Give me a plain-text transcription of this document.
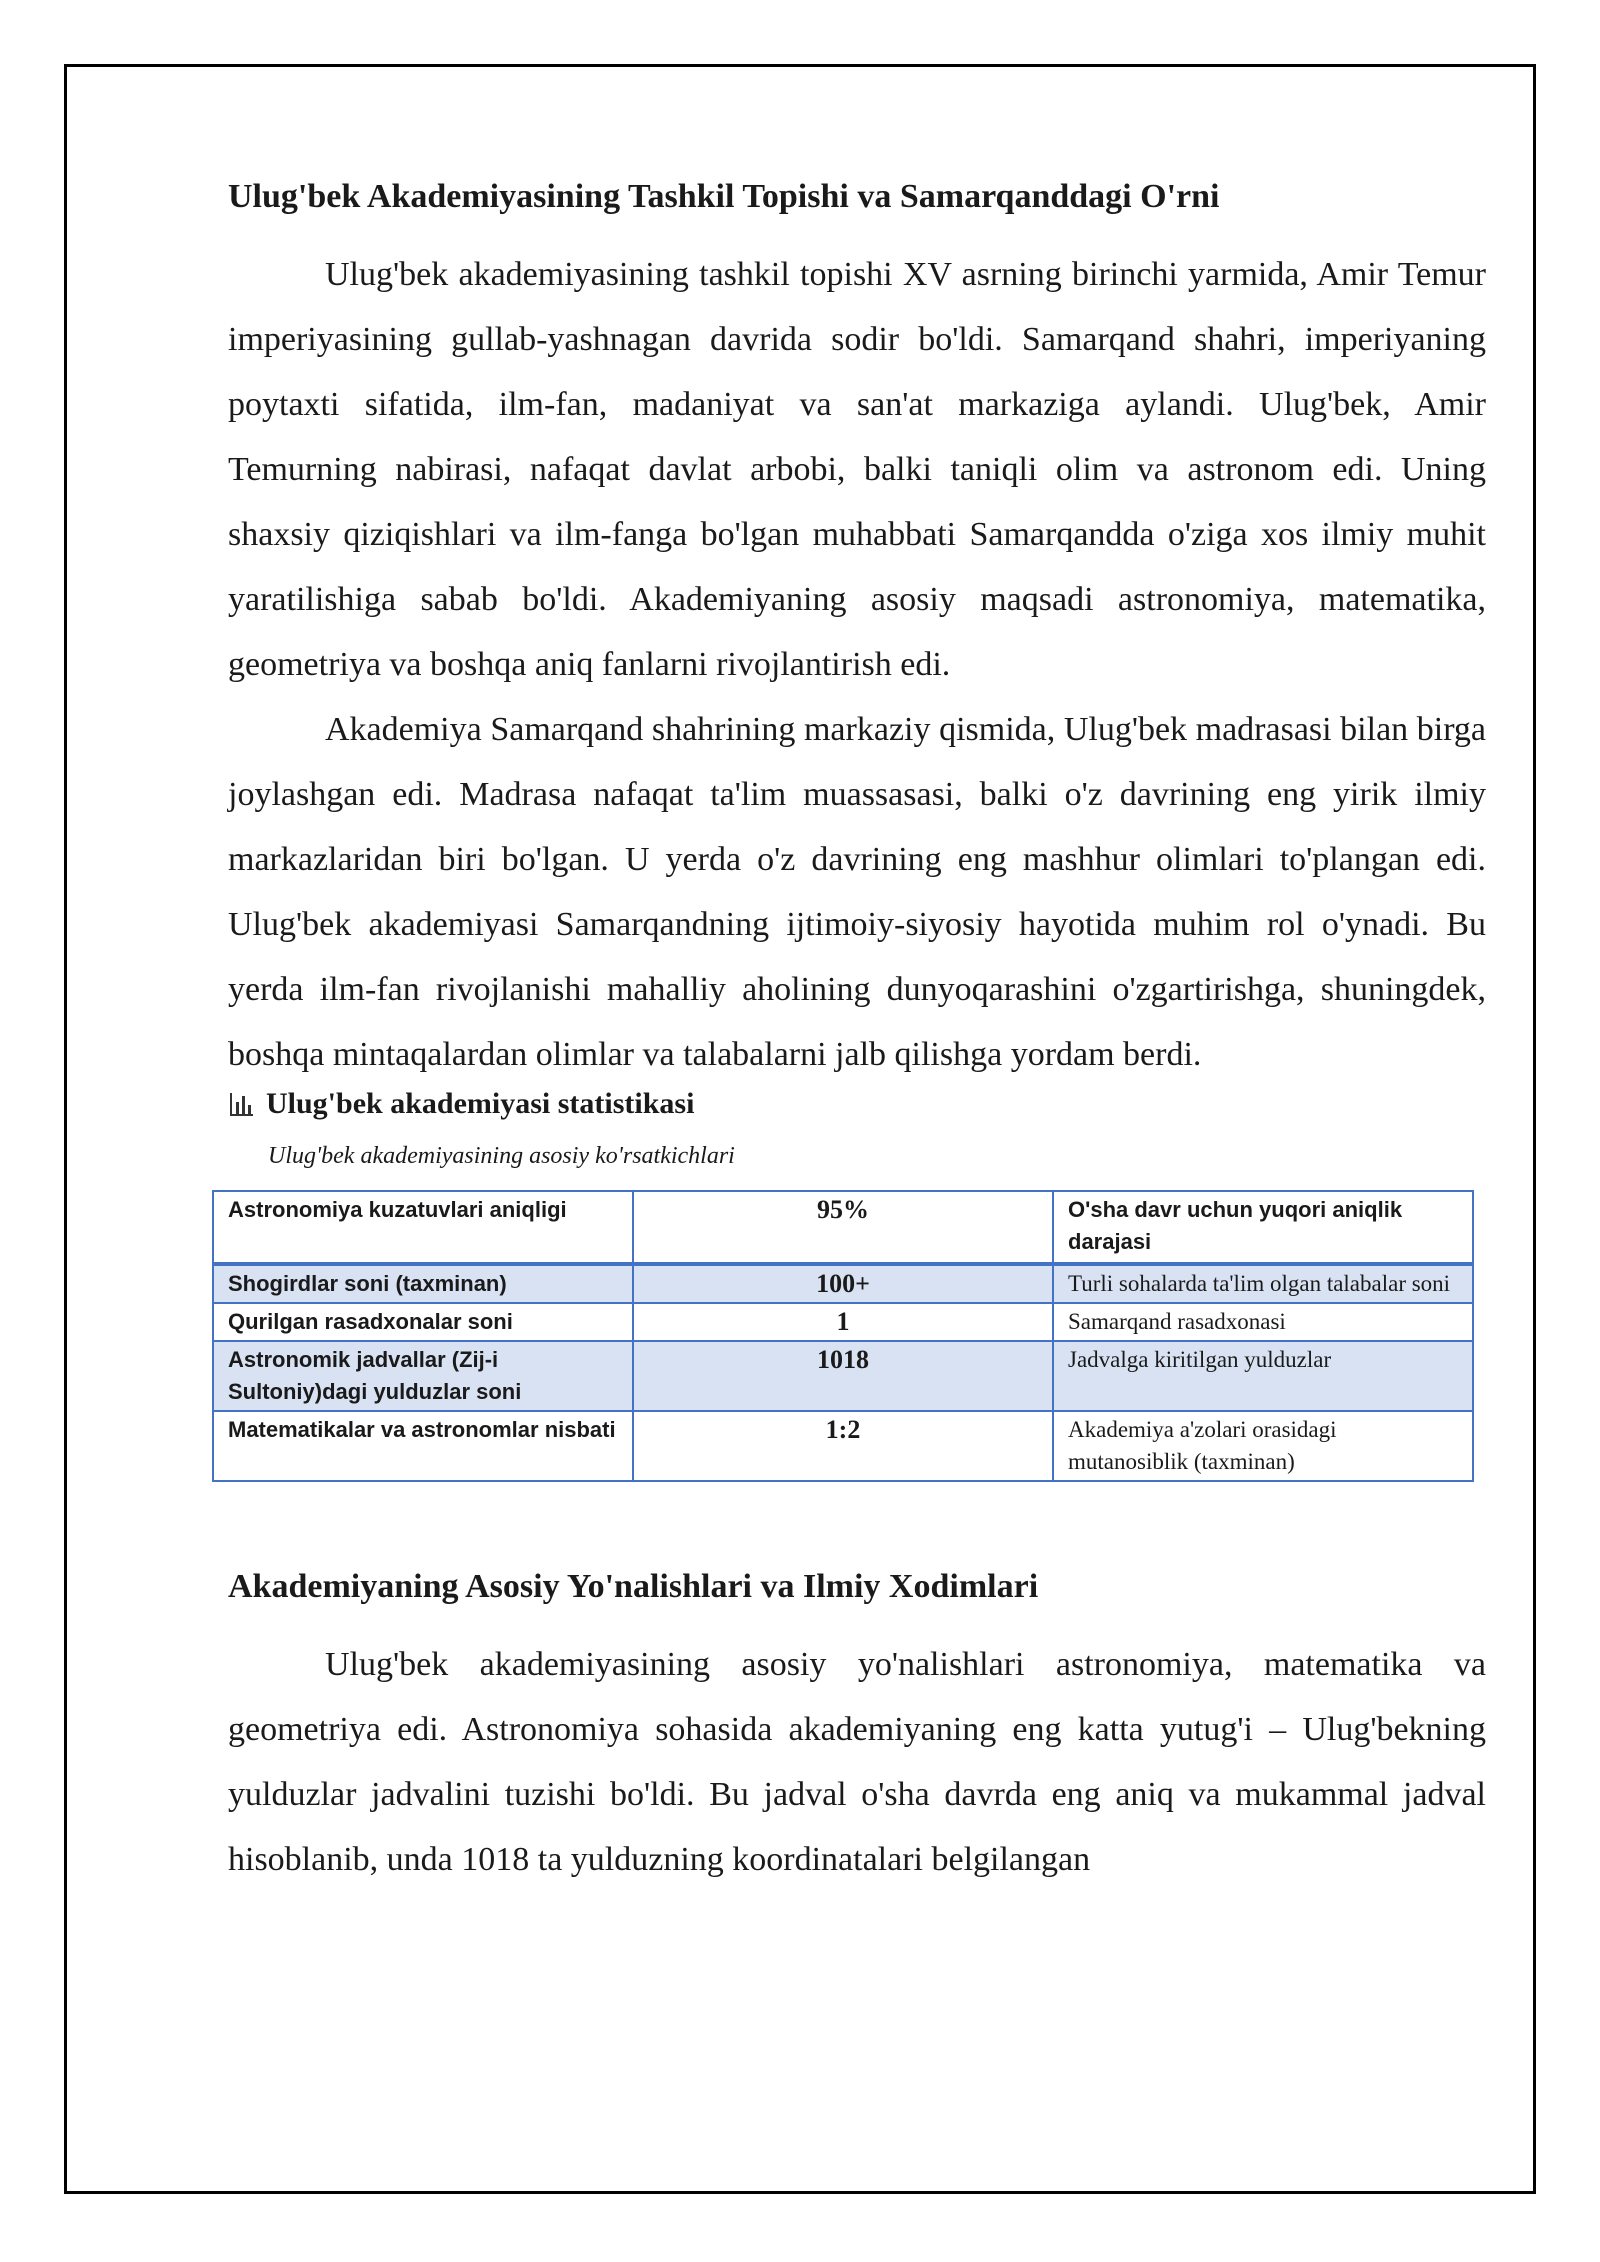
Ulug'bek Akademiyasining Tashkil Topishi va Samarqanddagi O'rni

Ulug'bek akademiyasining tashkil topishi XV asrning birinchi yarmida, Amir Temur imperiyasining gullab-yashnagan davrida sodir bo'ldi. Samarqand shahri, imperiyaning poytaxti sifatida, ilm-fan, madaniyat va san'at markaziga aylandi. Ulug'bek, Amir Temurning nabirasi, nafaqat davlat arbobi, balki taniqli olim va astronom edi. Uning shaxsiy qiziqishlari va ilm-fanga bo'lgan muhabbati Samarqandda o'ziga xos ilmiy muhit yaratilishiga sabab bo'ldi. Akademiyaning asosiy maqsadi astronomiya, matematika, geometriya va boshqa aniq fanlarni rivojlantirish edi.

Akademiya Samarqand shahrining markaziy qismida, Ulug'bek madrasasi bilan birga joylashgan edi. Madrasa nafaqat ta'lim muassasasi, balki o'z davrining eng yirik ilmiy markazlaridan biri bo'lgan. U yerda o'z davrining eng mashhur olimlari to'plangan edi. Ulug'bek akademiyasi Samarqandning ijtimoiy-siyosiy hayotida muhim rol o'ynadi. Bu yerda ilm-fan rivojlanishi mahalliy aholining dunyoqarashini o'zgartirishga, shuningdek, boshqa mintaqalardan olimlar va talabalarni jalb qilishga yordam berdi.

Ulug'bek akademiyasi statistikasi
Ulug'bek akademiyasining asosiy ko'rsatkichlari
Astronomiya kuzatuvlari aniqligi	95%	O'sha davr uchun yuqori aniqlik darajasi
Shogirdlar soni (taxminan)	100+	Turli sohalarda ta'lim olgan talabalar soni
Qurilgan rasadxonalar soni	1	Samarqand rasadxonasi
Astronomik jadvallar (Zij-i Sultoniy)dagi yulduzlar soni	1018	Jadvalga kiritilgan yulduzlar
Matematikalar va astronomlar nisbati	1:2	Akademiya a'zolari orasidagi mutanosiblik (taxminan)
Akademiyaning Asosiy Yo'nalishlari va Ilmiy Xodimlari

Ulug'bek akademiyasining asosiy yo'nalishlari astronomiya, matematika va geometriya edi. Astronomiya sohasida akademiyaning eng katta yutug'i – Ulug'bekning yulduzlar jadvalini tuzishi bo'ldi. Bu jadval o'sha davrda eng aniq va mukammal jadval hisoblanib, unda 1018 ta yulduzning koordinatalari belgilangan
